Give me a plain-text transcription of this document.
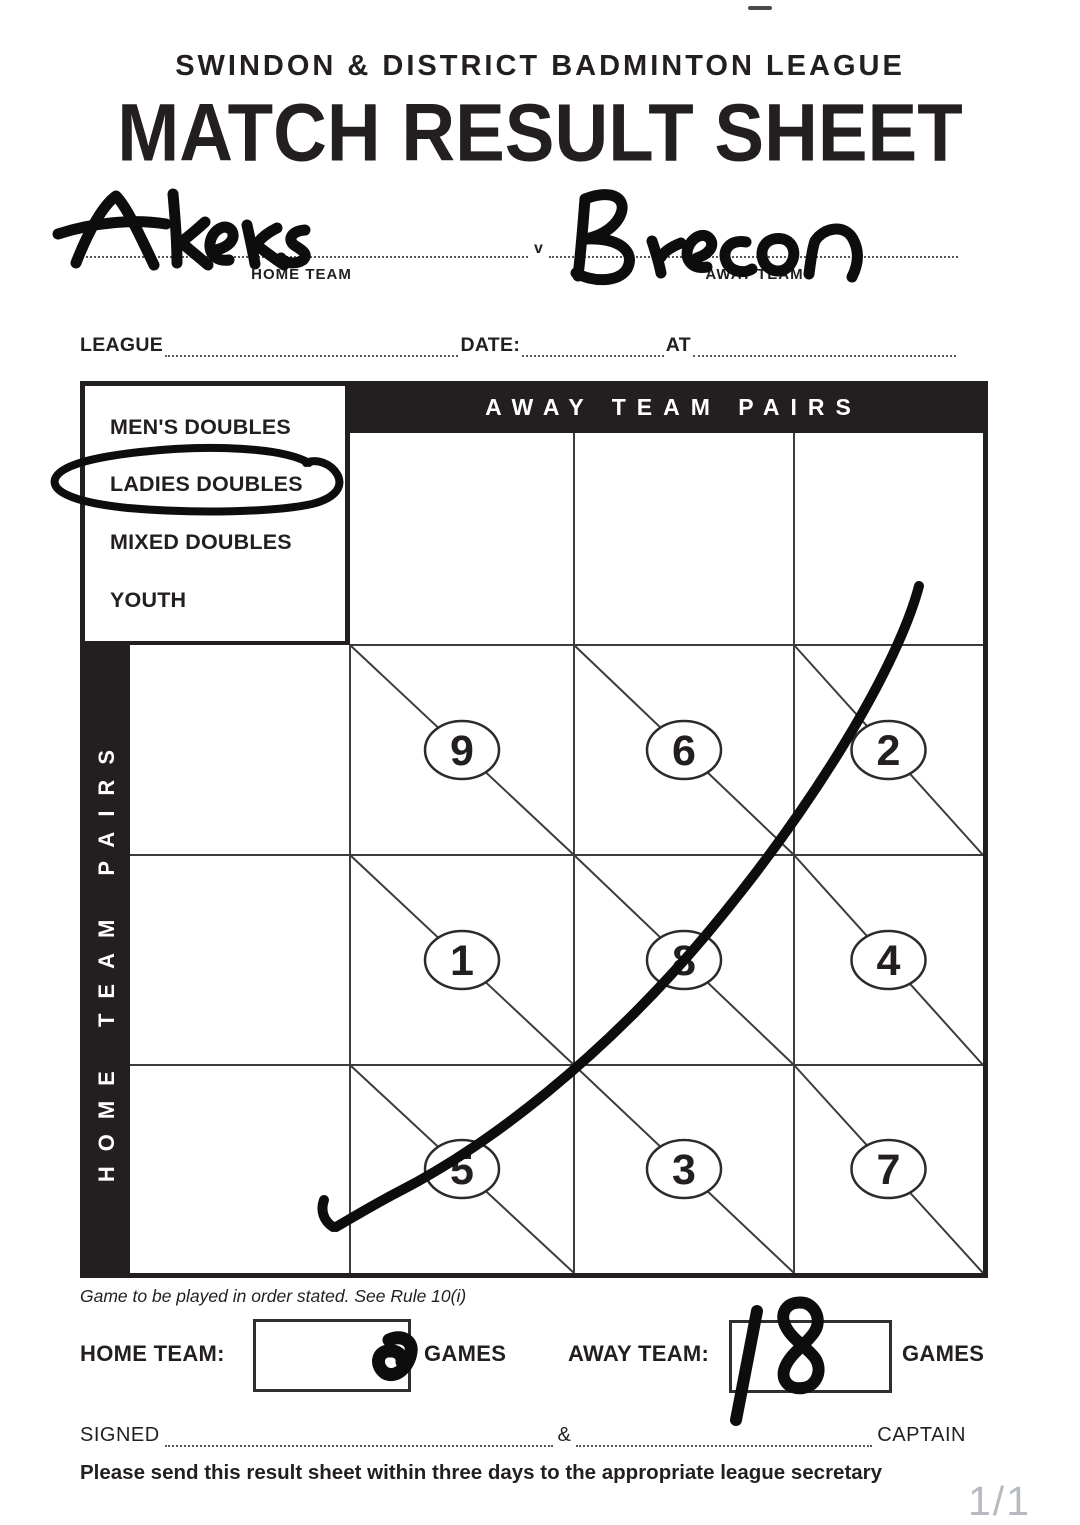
SWINDON & DISTRICT BADMINTON LEAGUE
MATCH RESULT SHEET
v
HOME TEAM	AWAY TEAM
LEAGUE	DATE:	AT
9	6	2
1	8	4
5	3	7
AWAY TEAM PAIRS
HOME TEAM PAIRS
MEN'S DOUBLES
LADIES DOUBLES
MIXED DOUBLES
YOUTH
Game to be played in order stated. See Rule 10(i)
HOME TEAM:	GAMES	AWAY TEAM:	GAMES
SIGNED	&	CAPTAIN
Please send this result sheet within three days to the appropriate league secretary
1/1
